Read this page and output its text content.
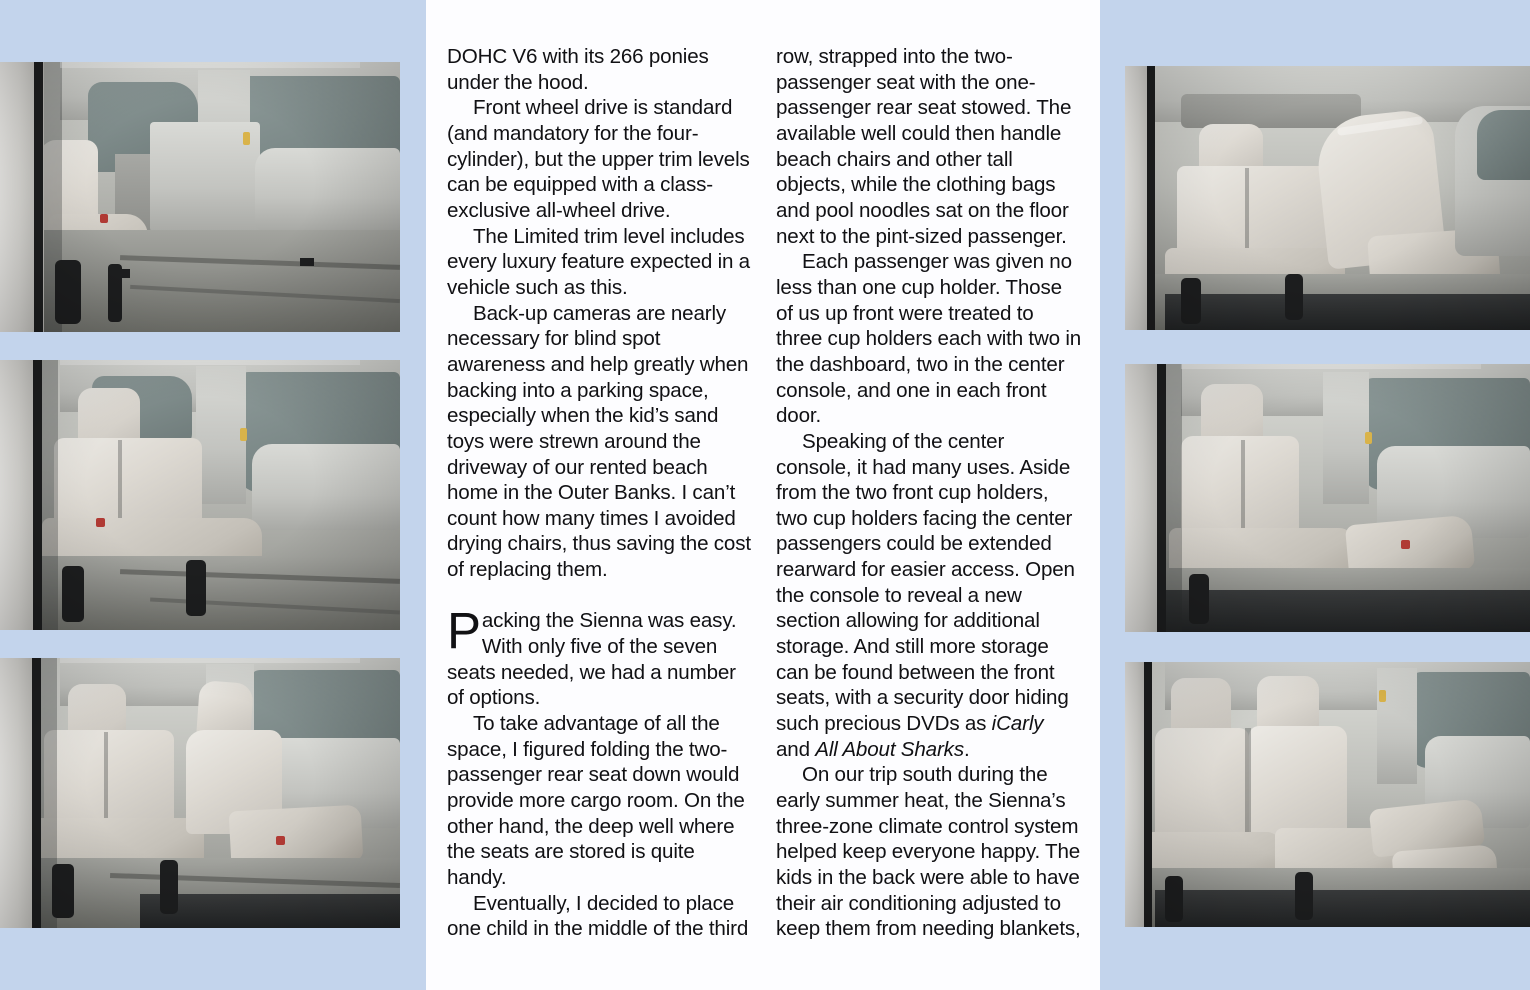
DOHC V6 with its 266 ponies under the hood.

Front wheel drive is standard (and mandatory for the four-cylinder), but the upper trim levels can be equipped with a class-exclusive all-wheel drive.

The Limited trim level includes every luxury feature expected in a vehicle such as this.

Back-up cameras are nearly necessary for blind spot awareness and help greatly when backing into a parking space, especially when the kid’s sand toys were strewn around the driveway of our rented beach home in the Outer Banks. I can’t count how many times I avoided drying chairs, thus saving the cost of replacing them.

Packing the Sienna was easy. With only five of the seven seats needed, we had a number of options.

To take advantage of all the space, I figured folding the two-passenger rear seat down would provide more cargo room. On the other hand, the deep well where the seats are stored is quite handy.

Eventually, I decided to place one child in the middle of the third

row, strapped into the two-passenger seat with the one-passenger rear seat stowed. The available well could then handle beach chairs and other tall objects, while the clothing bags and pool noodles sat on the floor next to the pint-sized passenger.

Each passenger was given no less than one cup holder. Those of us up front were treated to three cup holders each with two in the dashboard, two in the center console, and one in each front door.

Speaking of the center console, it had many uses. Aside from the two front cup holders, two cup holders facing the center passengers could be extended rearward for easier access. Open the console to reveal a new section allowing for additional storage. And still more storage can be found between the front seats, with a security door hiding such precious DVDs as iCarly and All About Sharks.

On our trip south during the early summer heat, the Sienna’s three-zone climate control system helped keep everyone happy. The kids in the back were able to have their air conditioning adjusted to keep them from needing blankets,
